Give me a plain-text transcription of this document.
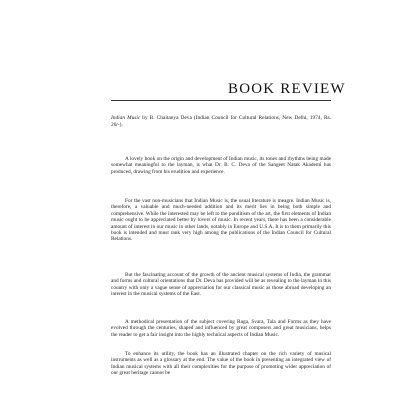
BOOK REVIEW

Indian Music by B. Chaitanya Deva (Indian Council for Cultural Relations, New Delhi, 1974, Rs. 20/-).

A lovely book on the origin and development of Indian music, its tones and rhythms being made somewhat meaningful to the layman, is what Dr. B. C. Deva of the Sangeet Natak Akademi has produced, drawing from his erudition and experience.

For the vast non-musicians that Indian Music is, the usual literature is meagre. Indian Music is, therefore, a valuable and much-needed addition and its merit lies in being both simple and comprehensive. While the interested may be left to the punditism of the art, the first elements of Indian music ought to be appreciated better by lovers of music. In recent years, there has been a considerable amount of interest in our music in other lands, notably in Europe and U.S.A. It is to them primarily this book is intended and must rank very high among the publications of the Indian Council for Cultural Relations.

But the fascinating account of the growth of the ancient musical systems of India, the grammar and forms and cultural orientations that Dr. Deva has provided will be as revealing to the layman in this country with only a vague sense of appreciation for our classical music as those abroad developing an interest in the musical systems of the East.

A methodical presentation of the subject covering Raga, Svara, Tala and Forms as they have evolved through the centuries, shaped and influenced by great composers and great musicians, helps the reader to get a fair insight into the highly technical aspects of Indian Music.

To enhance its utility, the book has an illustrated chapter on the rich variety of musical instruments as well as a glossary at the end. The value of the book in presenting an integrated view of Indian musical systems with all their complexities for the purpose of promoting wider appreciation of our great heritage cannot be
